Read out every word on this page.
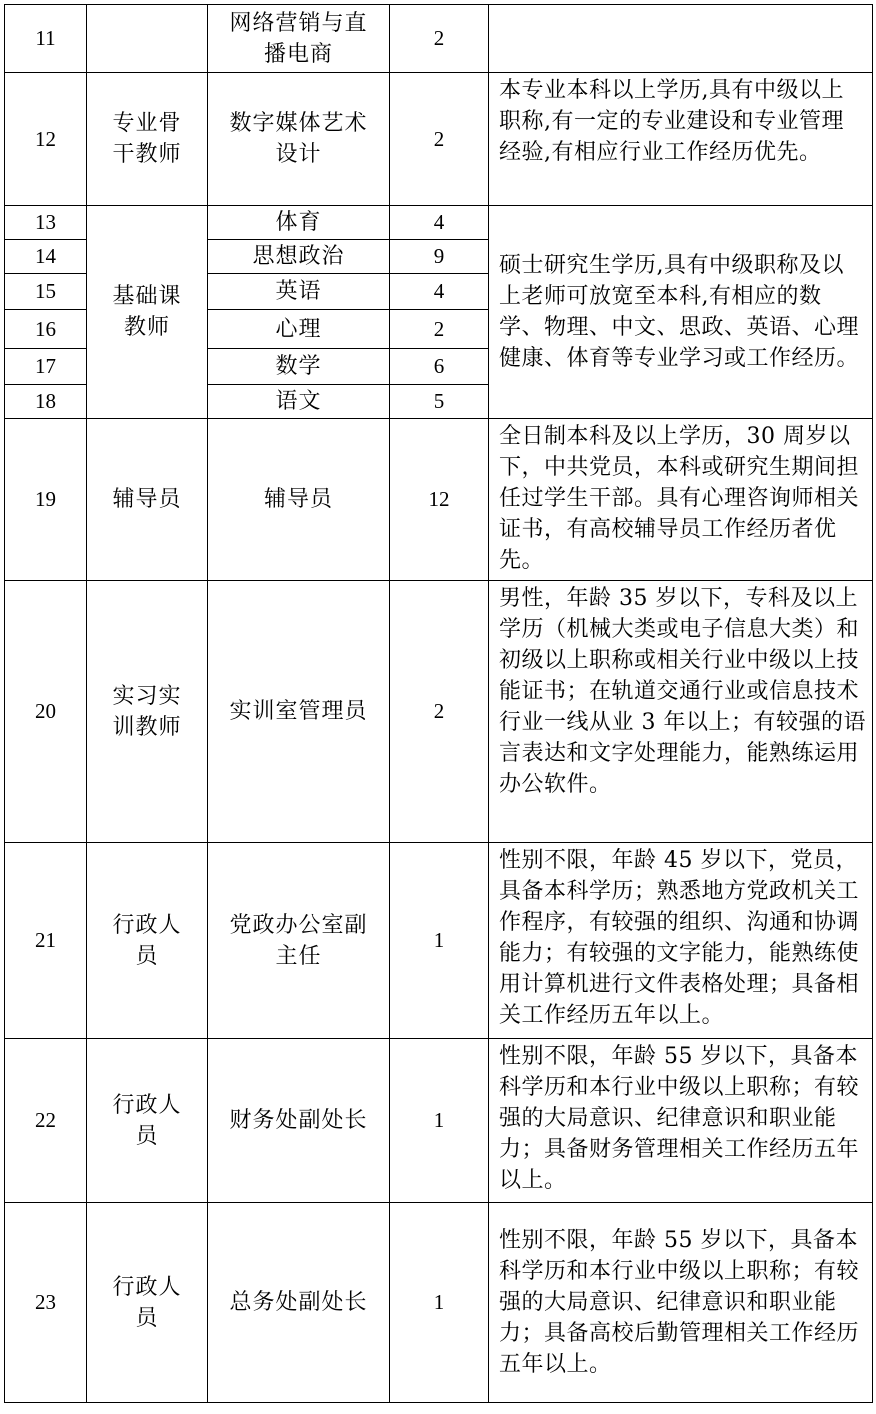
11		网络营销与直播电商	2	
12	专业骨干教师	数字媒体艺术设计	2	本专业本科以上学历,具有中级以上职称,有一定的专业建设和专业管理经验,有相应行业工作经历优先。
13	基础课教师	体育	4	硕士研究生学历,具有中级职称及以上老师可放宽至本科,有相应的数学、物理、中文、思政、英语、心理健康、体育等专业学习或工作经历。
14		思想政治	9	
15		英语	4	
16		心理	2	
17		数学	6	
18		语文	5	
19	辅导员	辅导员	12	全日制本科及以上学历，30 周岁以下，中共党员，本科或研究生期间担任过学生干部。具有心理咨询师相关证书，有高校辅导员工作经历者优先。
20	实习实训教师	实训室管理员	2	男性，年龄 35 岁以下，专科及以上学历（机械大类或电子信息大类）和初级以上职称或相关行业中级以上技能证书；在轨道交通行业或信息技术行业一线从业 3 年以上；有较强的语言表达和文字处理能力，能熟练运用办公软件。
21	行政人员	党政办公室副主任	1	性别不限，年龄 45 岁以下，党员，具备本科学历；熟悉地方党政机关工作程序，有较强的组织、沟通和协调能力；有较强的文字能力，能熟练使用计算机进行文件表格处理；具备相关工作经历五年以上。
22	行政人员	财务处副处长	1	性别不限，年龄 55 岁以下，具备本科学历和本行业中级以上职称；有较强的大局意识、纪律意识和职业能力；具备财务管理相关工作经历五年以上。
23	行政人员	总务处副处长	1	性别不限，年龄 55 岁以下，具备本科学历和本行业中级以上职称；有较强的大局意识、纪律意识和职业能力；具备高校后勤管理相关工作经历五年以上。
